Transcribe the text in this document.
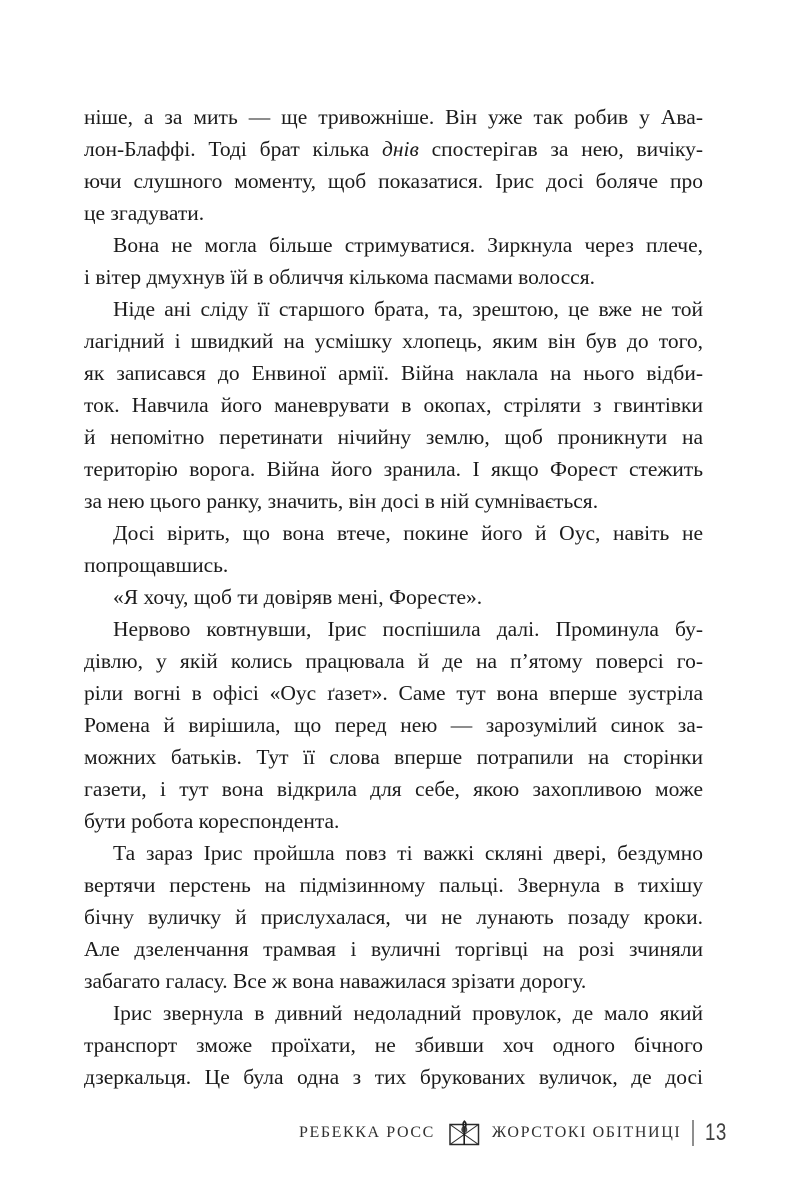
ніше, а за мить — ще тривожніше. Він уже так робив у Ава-
лон-Блаффі. Тоді брат кілька днів спостерігав за нею, вичіку-
ючи слушного моменту, щоб показатися. Ірис досі боляче про
це згадувати.
Вона не могла більше стримуватися. Зиркнула через плече,
і вітер дмухнув їй в обличчя кількома пасмами волосся.
Ніде ані сліду її старшого брата, та, зрештою, це вже не той
лагідний і швидкий на усмішку хлопець, яким він був до того,
як записався до Енвиної армії. Війна наклала на нього відби-
ток. Навчила його маневрувати в окопах, стріляти з гвинтівки
й непомітно перетинати нічийну землю, щоб проникнути на
територію ворога. Війна його зранила. І якщо Форест стежить
за нею цього ранку, значить, він досі в ній сумнівається.
Досі вірить, що вона втече, покине його й Оус, навіть не
попрощавшись.
«Я хочу, щоб ти довіряв мені, Форесте».
Нервово ковтнувши, Ірис поспішила далі. Проминула бу-
дівлю, у якій колись працювала й де на п’ятому поверсі го-
ріли вогні в офісі «Оус ґазет». Саме тут вона вперше зустріла
Ромена й вирішила, що перед нею — зарозумілий синок за-
можних батьків. Тут її слова вперше потрапили на сторінки
газети, і тут вона відкрила для себе, якою захопливою може
бути робота кореспондента.
Та зараз Ірис пройшла повз ті важкі скляні двері, бездумно
вертячи перстень на підмізинному пальці. Звернула в тихішу
бічну вуличку й прислухалася, чи не лунають позаду кроки.
Але дзеленчання трамвая і вуличні торгівці на розі зчиняли
забагато галасу. Все ж вона наважилася зрізати дорогу.
Ірис звернула в дивний недоладний провулок, де мало який
транспорт зможе проїхати, не збивши хоч одного бічного
дзеркальця. Це була одна з тих брукованих вуличок, де досі
РЕБЕККА РОСС	ЖОРСТОКІ ОБІТНИЦІ 13
